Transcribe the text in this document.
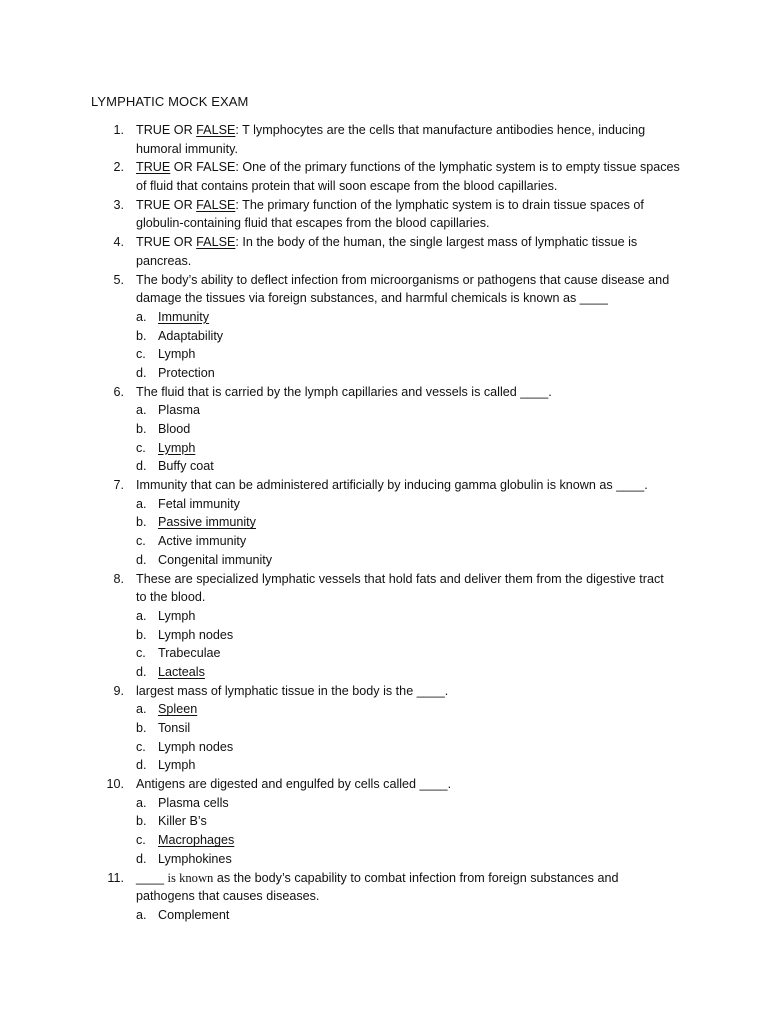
LYMPHATIC MOCK EXAM
1. TRUE OR FALSE: T lymphocytes are the cells that manufacture antibodies hence, inducing
humoral immunity.
2. TRUE OR FALSE: One of the primary functions of the lymphatic system is to empty tissue spaces
of fluid that contains protein that will soon escape from the blood capillaries.
3. TRUE OR FALSE: The primary function of the lymphatic system is to drain tissue spaces of
globulin-containing fluid that escapes from the blood capillaries.
4. TRUE OR FALSE: In the body of the human, the single largest mass of lymphatic tissue is
pancreas.
5. The body’s ability to deflect infection from microorganisms or pathogens that cause disease and
damage the tissues via foreign substances, and harmful chemicals is known as ____
a. Immunity
b. Adaptability
c. Lymph
d. Protection
6. The fluid that is carried by the lymph capillaries and vessels is called ____.
a. Plasma
b. Blood
c. Lymph
d. Buffy coat
7. Immunity that can be administered artificially by inducing gamma globulin is known as ____.
a. Fetal immunity
b. Passive immunity
c. Active immunity
d. Congenital immunity
8. These are specialized lymphatic vessels that hold fats and deliver them from the digestive tract
to the blood.
a. Lymph
b. Lymph nodes
c. Trabeculae
d. Lacteals
9. largest mass of lymphatic tissue in the body is the ____.
a. Spleen
b. Tonsil
c. Lymph nodes
d. Lymph
10. Antigens are digested and engulfed by cells called ____.
a. Plasma cells
b. Killer B’s
c. Macrophages
d. Lymphokines
11. ____ is known as the body’s capability to combat infection from foreign substances and
pathogens that causes diseases.
a. Complement
